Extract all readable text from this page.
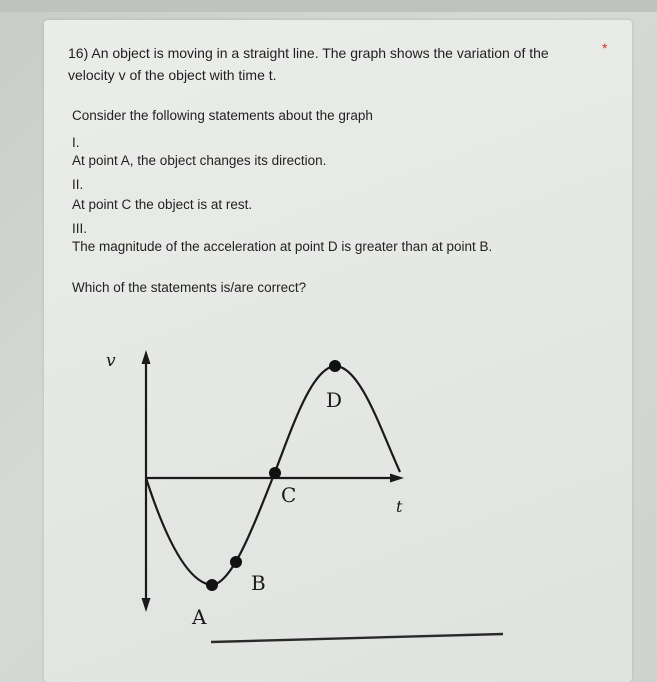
16) An object is moving in a straight line. The graph shows the variation of the velocity v of the object with time t.
*
Consider the following statements about the graph
I.
At point A, the object changes its direction.
II.
At point C the object is at rest.
III.
The magnitude of the acceleration at point D is greater than at point B.
Which of the statements is/are correct?
v
t
A
B
C
D
